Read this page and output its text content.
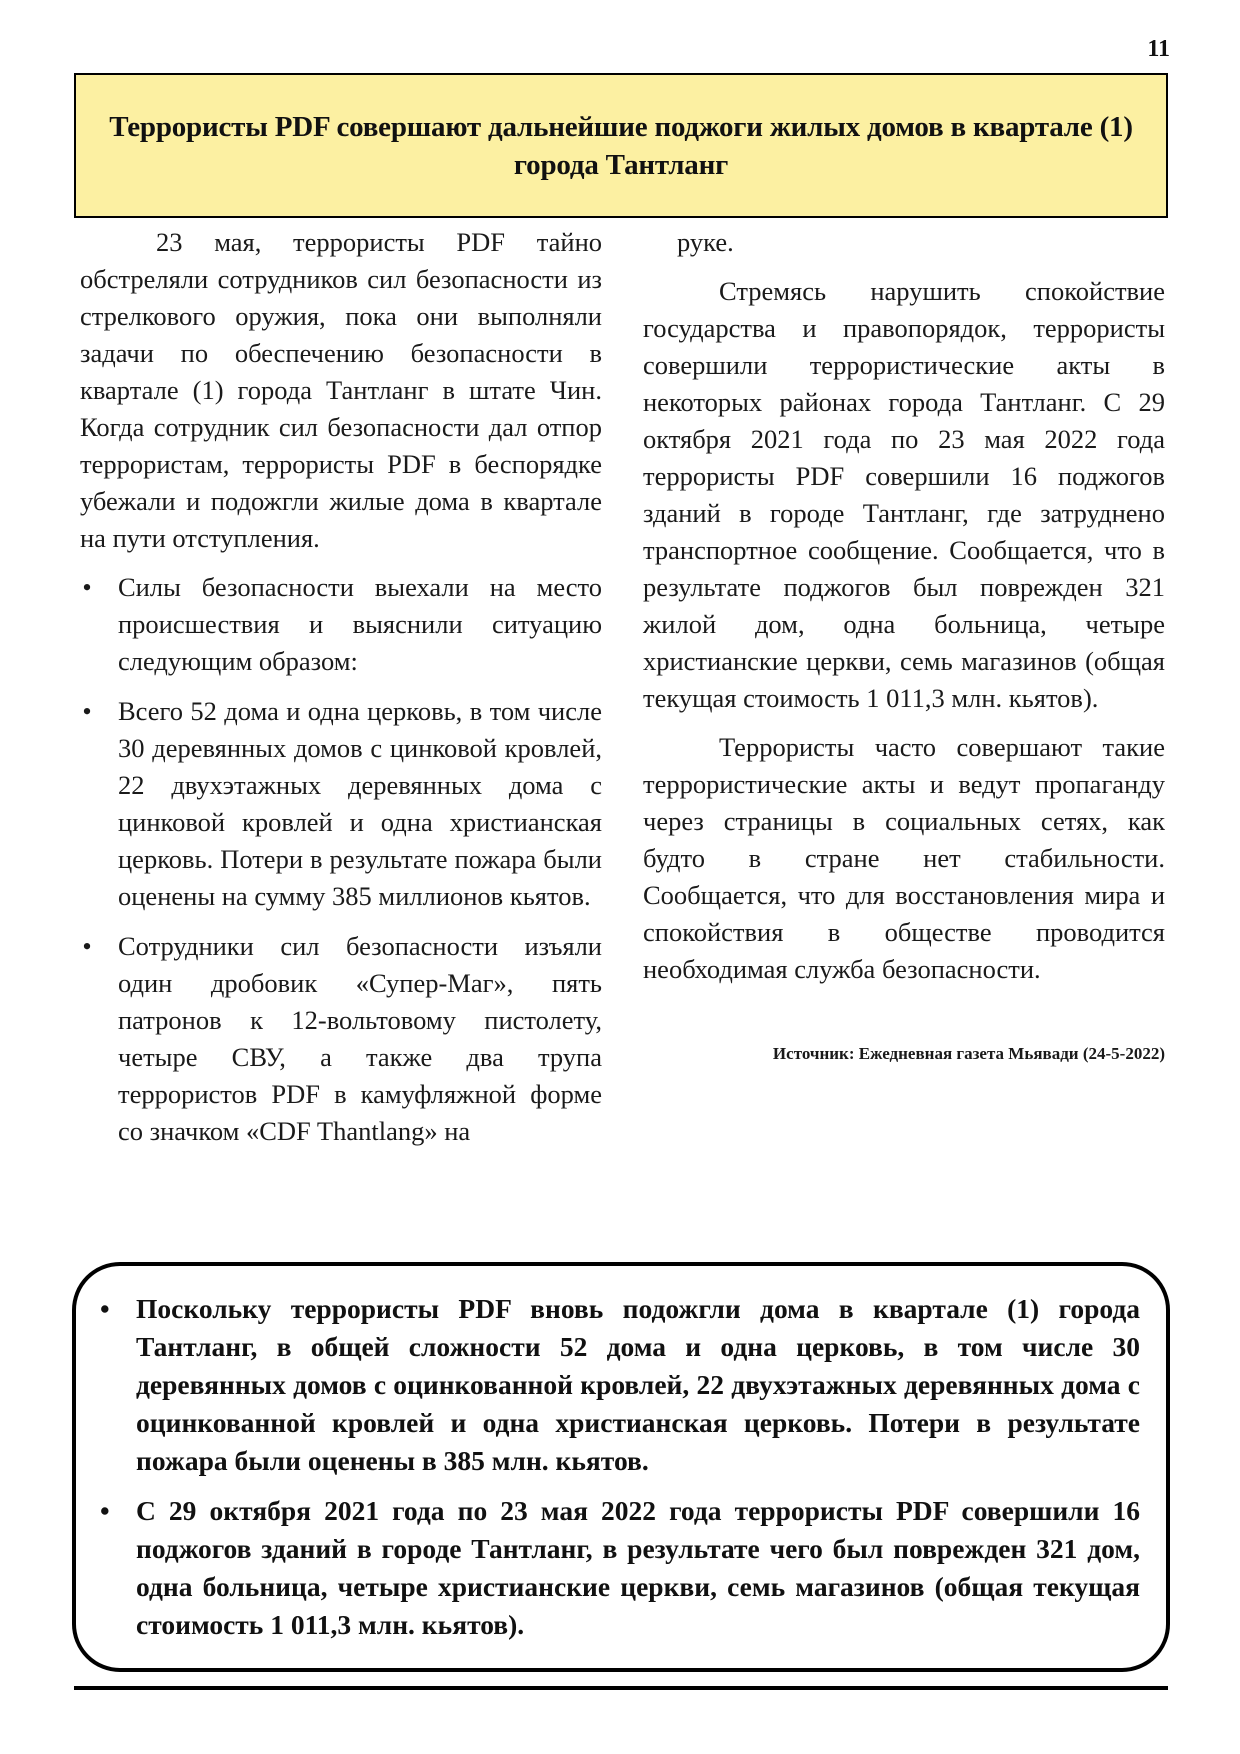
11
Террористы PDF совершают дальнейшие поджоги жилых домов в квартале (1) города Тантланг

23 мая, террористы PDF тайно обстреляли сотрудников сил безопасности из стрелкового оружия, пока они выполняли задачи по обеспечению безопасности в квартале (1) города Тантланг в штате Чин. Когда сотрудник сил безопасности дал отпор террористам, террористы PDF в беспорядке убежали и подожгли жилые дома в квартале на пути отступления.

• Силы безопасности выехали на место происшествия и выяснили ситуацию следующим образом:
• Всего 52 дома и одна церковь, в том числе 30 деревянных домов с цинковой кровлей, 22 двухэтажных деревянных дома с цинковой кровлей и одна христианская церковь. Потери в результате пожара были оценены на сумму 385 миллионов кьятов.
• Сотрудники сил безопасности изъяли один дробовик «Супер-Маг», пять патронов к 12-вольтовому пистолету, четыре СВУ, а также два трупа террористов PDF в камуфляжной форме со значком «CDF Thantlang» на

руке.

Стремясь нарушить спокойствие государства и правопорядок, террористы совершили террористические акты в некоторых районах города Тантланг. С 29 октября 2021 года по 23 мая 2022 года террористы PDF совершили 16 поджогов зданий в городе Тантланг, где затруднено транспортное сообщение. Сообщается, что в результате поджогов был поврежден 321 жилой дом, одна больница, четыре христианские церкви, семь магазинов (общая текущая стоимость 1 011,3 млн. кьятов).

Террористы часто совершают такие террористические акты и ведут пропаганду через страницы в социальных сетях, как будто в стране нет стабильности. Сообщается, что для восстановления мира и спокойствия в обществе проводится необходимая служба безопасности.

Источник: Ежедневная газета Мьявади (24-5-2022)

• Поскольку террористы PDF вновь подожгли дома в квартале (1) города Тантланг, в общей сложности 52 дома и одна церковь, в том числе 30 деревянных домов с оцинкованной кровлей, 22 двухэтажных деревянных дома с оцинкованной кровлей и одна христианская церковь. Потери в результате пожара были оценены в 385 млн. кьятов.
• С 29 октября 2021 года по 23 мая 2022 года террористы PDF совершили 16 поджогов зданий в городе Тантланг, в результате чего был поврежден 321 дом, одна больница, четыре христианские церкви, семь магазинов (общая текущая стоимость 1 011,3 млн. кьятов).
